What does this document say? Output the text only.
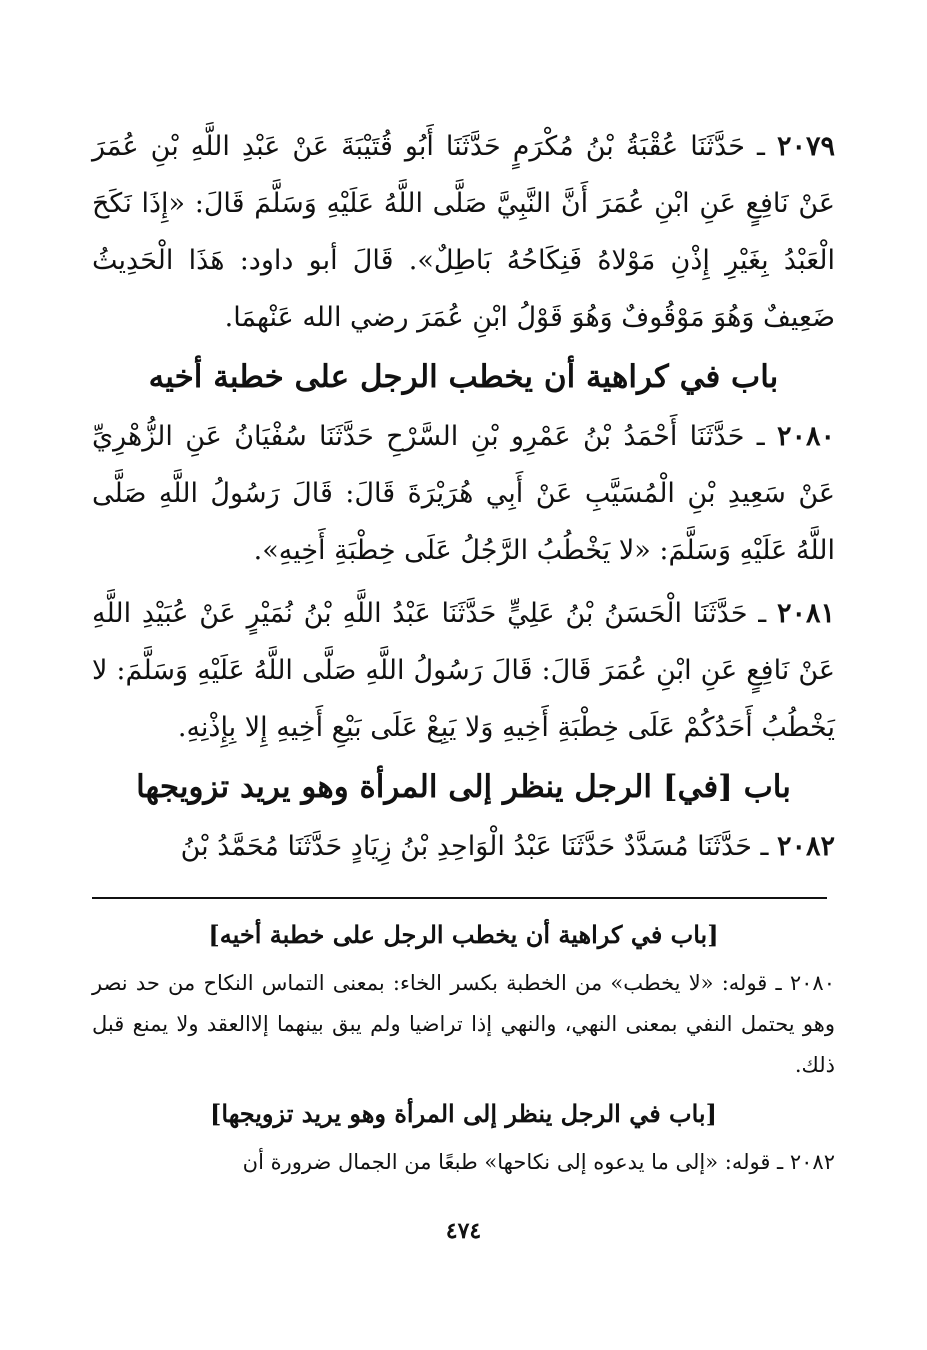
٢٠٧٩ ـ حَدَّثَنَا عُقْبَةُ بْنُ مُكْرَمٍ حَدَّثَنَا أَبُو قُتَيْبَةَ عَنْ عَبْدِ اللَّهِ بْنِ عُمَرَ عَنْ نَافِعٍ عَنِ ابْنِ عُمَرَ أَنَّ النَّبِيَّ صَلَّى اللَّهُ عَلَيْهِ وَسَلَّمَ قَالَ: «إِذَا نَكَحَ الْعَبْدُ بِغَيْرِ إِذْنِ مَوْلاهُ فَنِكَاحُهُ بَاطِلٌ». قَالَ أبو داود: هَذَا الْحَدِيثُ ضَعِيفٌ وَهُوَ مَوْقُوفٌ وَهُوَ قَوْلُ ابْنِ عُمَرَ رضي الله عَنْهمَا.

باب في كراهية أن يخطب الرجل على خطبة أخيه

٢٠٨٠ ـ حَدَّثَنَا أَحْمَدُ بْنُ عَمْرِو بْنِ السَّرْحِ حَدَّثَنَا سُفْيَانُ عَنِ الزُّهْرِيِّ عَنْ سَعِيدِ بْنِ الْمُسَيَّبِ عَنْ أَبِي هُرَيْرَةَ قَالَ: قَالَ رَسُولُ اللَّهِ صَلَّى اللَّهُ عَلَيْهِ وَسَلَّمَ: «لا يَخْطُبُ الرَّجُلُ عَلَى خِطْبَةِ أَخِيهِ».

٢٠٨١ ـ حَدَّثَنَا الْحَسَنُ بْنُ عَلِيٍّ حَدَّثَنَا عَبْدُ اللَّهِ بْنُ نُمَيْرٍ عَنْ عُبَيْدِ اللَّهِ عَنْ نَافِعٍ عَنِ ابْنِ عُمَرَ قَالَ: قَالَ رَسُولُ اللَّهِ صَلَّى اللَّهُ عَلَيْهِ وَسَلَّمَ: لا يَخْطُبُ أَحَدُكُمْ عَلَى خِطْبَةِ أَخِيهِ وَلا يَبِعْ عَلَى بَيْعِ أَخِيهِ إِلا بِإِذْنِهِ.

باب [في] الرجل ينظر إلى المرأة وهو يريد تزويجها

٢٠٨٢ ـ حَدَّثَنَا مُسَدَّدٌ حَدَّثَنَا عَبْدُ الْوَاحِدِ بْنُ زِيَادٍ حَدَّثَنَا مُحَمَّدُ بْنُ

[باب في كراهية أن يخطب الرجل على خطبة أخيه]

٢٠٨٠ ـ قوله: «لا يخطب» من الخطبة بكسر الخاء: بمعنى التماس النكاح من حد نصر وهو يحتمل النفي بمعنى النهي، والنهي إذا تراضيا ولم يبق بينهما إلاالعقد ولا يمنع قبل ذلك.

[باب في الرجل ينظر إلى المرأة وهو يريد تزويجها]

٢٠٨٢ ـ قوله: «إلى ما يدعوه إلى نكاحها» طبعًا من الجمال ضرورة أن

٤٧٤
